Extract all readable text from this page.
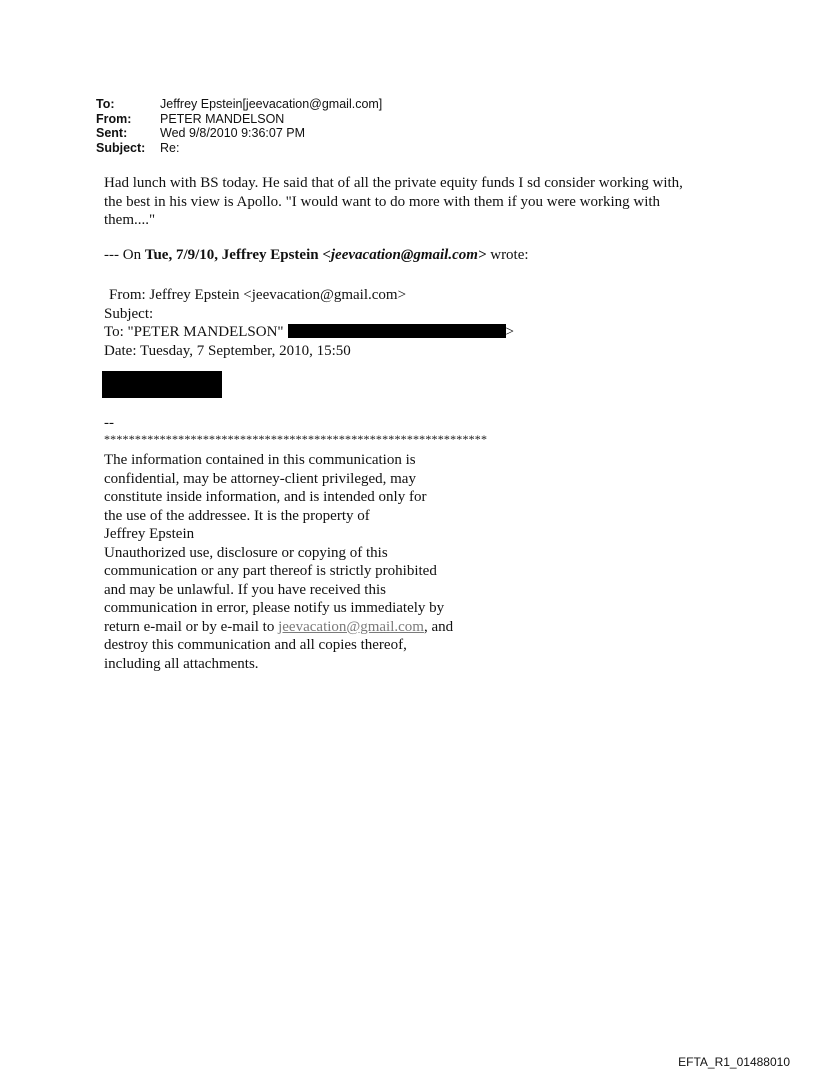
To:	Jeffrey Epstein[jeevacation@gmail.com]
From:	PETER MANDELSON
Sent:	Wed 9/8/2010 9:36:07 PM
Subject:	Re:
Had lunch with BS today. He said that of all the private equity funds I sd consider working with,
the best in his view is Apollo. "I would want to do more with them if you were working with
them...."
--- On Tue, 7/9/10, Jeffrey Epstein <jeevacation@gmail.com> wrote:
From: Jeffrey Epstein <jeevacation@gmail.com>
Subject:
To: "PETER MANDELSON"	>
Date: Tuesday, 7 September, 2010, 15:50
--
**************************************************************
The information contained in this communication is
confidential, may be attorney-client privileged, may
constitute inside information, and is intended only for
the use of the addressee. It is the property of
Jeffrey Epstein
Unauthorized use, disclosure or copying of this
communication or any part thereof is strictly prohibited
and may be unlawful. If you have received this
communication in error, please notify us immediately by
return e-mail or by e-mail to jeevacation@gmail.com, and
destroy this communication and all copies thereof,
including all attachments.
EFTA_R1_01488010
